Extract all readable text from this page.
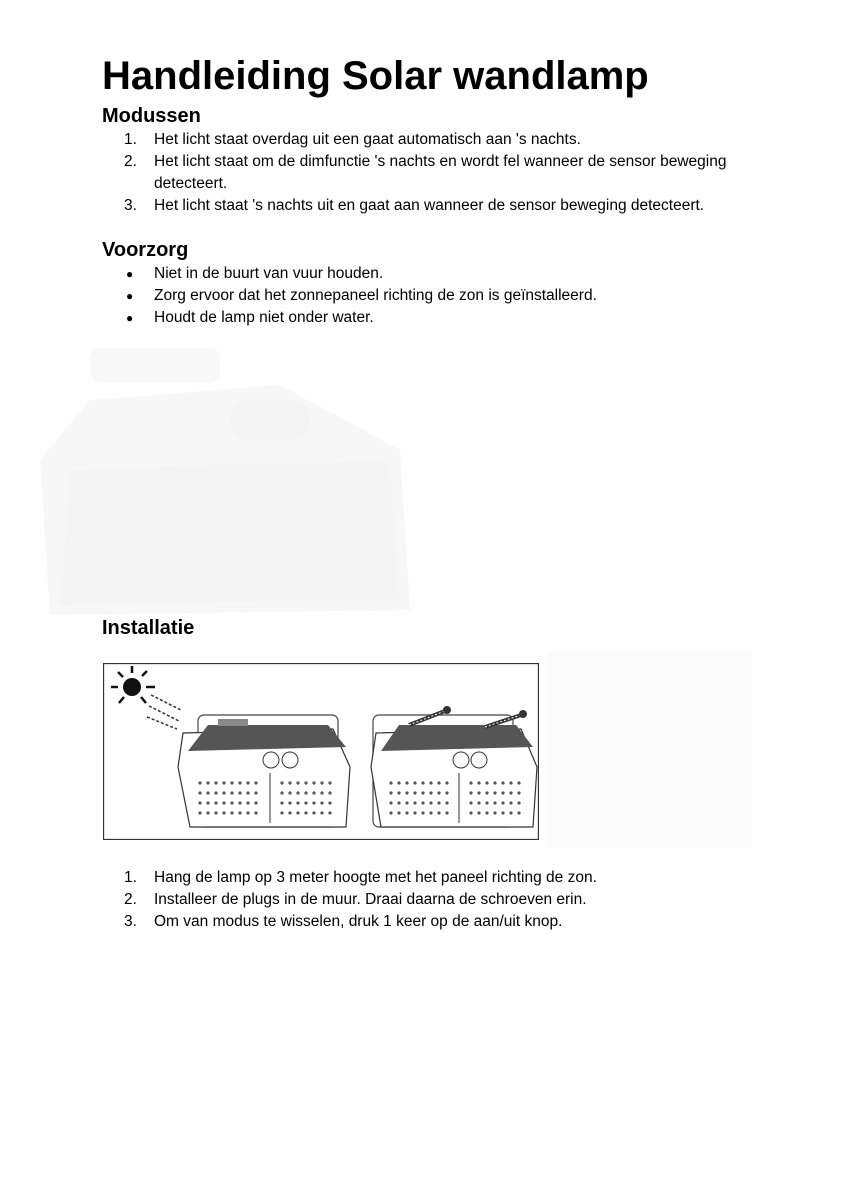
Handleiding Solar wandlamp
Modussen
1.	Het licht staat overdag uit een gaat automatisch aan 's nachts.
2.	Het licht staat om de dimfunctie 's nachts en wordt fel wanneer de sensor beweging detecteert.
3.	Het licht staat 's nachts uit en gaat aan wanneer de sensor beweging detecteert.
Voorzorg
●	Niet in de buurt van vuur houden.
●	Zorg ervoor dat het zonnepaneel richting de zon is geïnstalleerd.
●	Houdt de lamp niet onder water.
Installatie
1.	Hang de lamp op 3 meter hoogte met het paneel richting de zon.
2.	Installeer de plugs in de muur. Draai daarna de schroeven erin.
3.	Om van modus te wisselen, druk 1 keer op de aan/uit knop.
